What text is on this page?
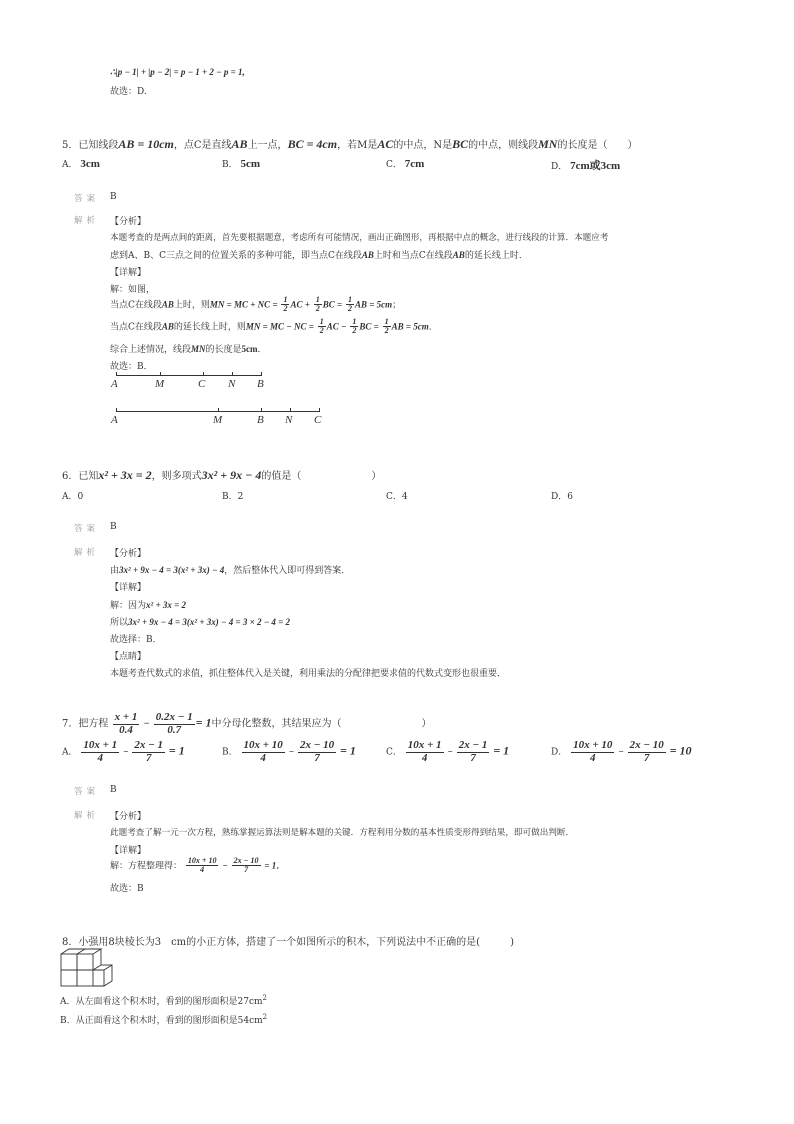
∴|p − 1| + |p − 2| = p − 1 + 2 − p = 1,
故选：D.
5．已知线段AB = 10cm，点C是直线AB上一点，BC = 4cm，若M是AC的中点，N是BC的中点，则线段MN的长度是（　　）
A． 3cm	B． 5cm	C． 7cm	D． 7cm或3cm
答案 B
解析 【分析】
本题考查的是两点间的距离，首先要根据题意，考虑所有可能情况，画出正确图形，再根据中点的概念，进行线段的计算．本题应考
虑到A、B、C三点之间的位置关系的多种可能，即当点C在线段AB上时和当点C在线段AB的延长线上时．
【详解】
解：如图，
当点C在线段AB上时，则MN = MC + NC = $\frac{1}{2}$ AC + $\frac{1}{2}$ BC = $\frac{1}{2}$ AB = 5cm；
当点C在线段AB的延长线上时，则MN = MC − NC = $\frac{1}{2}$ AC − $\frac{1}{2}$ BC = $\frac{1}{2}$ AB = 5cm．
综合上述情况，线段MN的长度是5cm．
故选：B．
A	M	C N B
A	M	B N C
6．已知x² + 3x = 2，则多项式3x² + 9x − 4的值是（　　　　　　　）
A．0	B．2	C．4	D．6
答案 B
解析 【分析】
由3x² + 9x − 4 = 3(x² + 3x) − 4，然后整体代入即可得到答案．
【详解】
解：因为x² + 3x = 2
所以3x² + 9x − 4 = 3(x² + 3x) − 4 = 3 × 2 − 4 = 2
故选择：B．
【点睛】
本题考查代数式的求值，抓住整体代入是关键，利用乘法的分配律把要求值的代数式变形也很重要．
7．把方程 $\frac{x + 1}{0.4} - \frac{0.2x - 1}{0.7} = 1$中分母化整数，其结果应为（　　　　　　　　）
A． $\frac{10x + 1}{4} - \frac{2x - 1}{7} = 1$	B． $\frac{10x + 10}{4} - \frac{2x - 10}{7} = 1$	C． $\frac{10x + 1}{4} - \frac{2x - 1}{7} = 1$	D． $\frac{10x + 10}{4} - \frac{2x - 10}{7} = 10$
答案 B
解析 【分析】
此题考查了解一元一次方程，熟练掌握运算法则是解本题的关键．方程利用分数的基本性质变形得到结果，即可做出判断．
【详解】
解：方程整理得： $\frac{10x + 10}{4} - \frac{2x - 10}{7} = 1$．
故选：B
8．小强用8块棱长为3　cm的小正方体，搭建了一个如图所示的积木，下列说法中不正确的是(　　　)
A．从左面看这个积木时，看到的图形面积是$27cm^2$
B．从正面看这个积木时，看到的图形面积是$54cm^2$
